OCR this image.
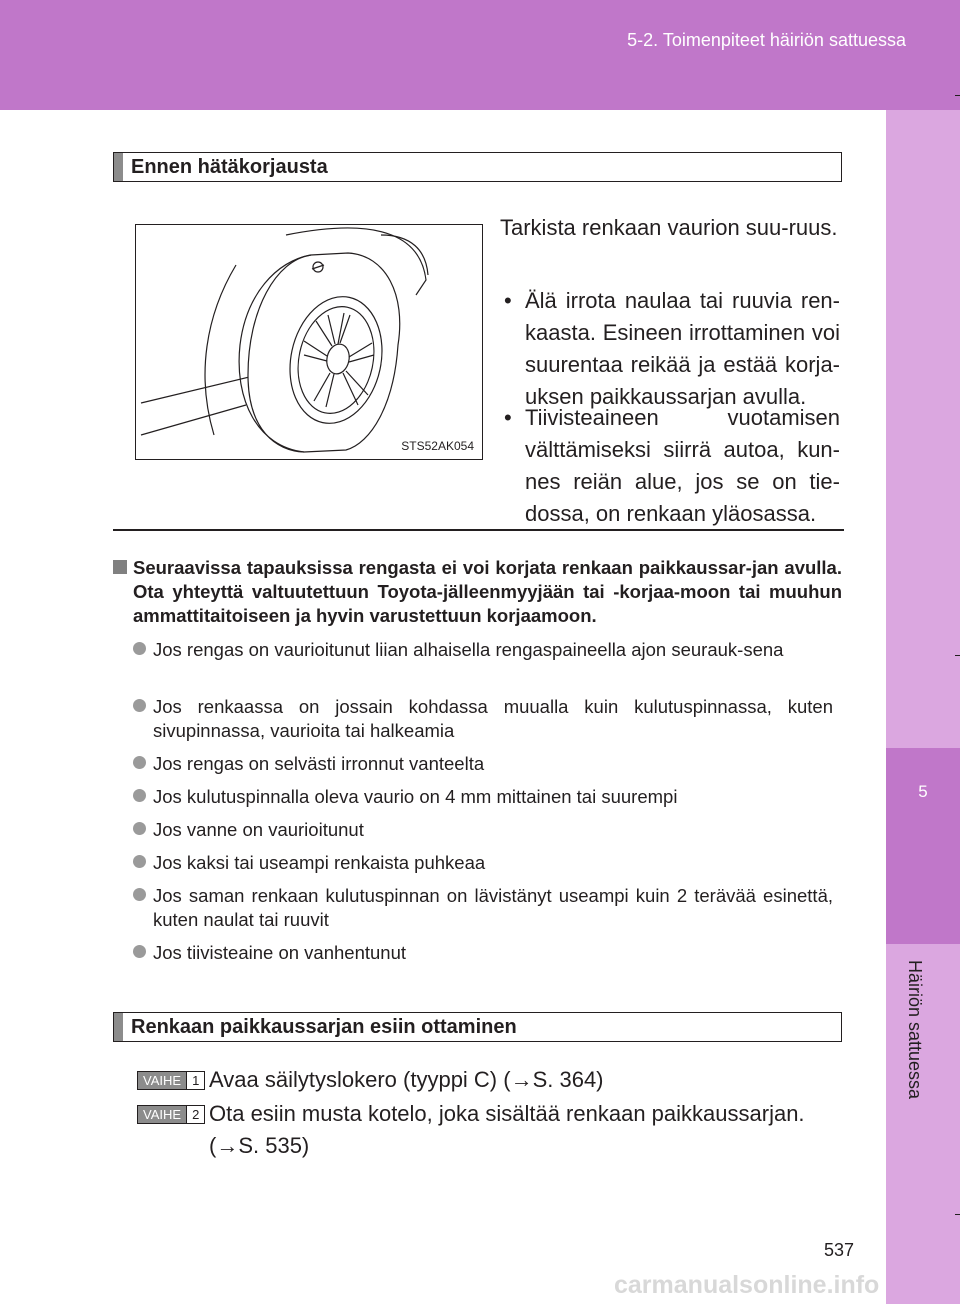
5-2. Toimenpiteet häiriön sattuessa
5
Häiriön sattuessa
Ennen hätäkorjausta
STS52AK054
Tarkista renkaan vaurion suu-ruus.
• Älä irrota naulaa tai ruuvia ren-kaasta. Esineen irrottaminen voi suurentaa reikää ja estää korja-uksen paikkaussarjan avulla.
• Tiivisteaineen vuotamisen välttämiseksi siirrä autoa, kun-nes reiän alue, jos se on tie-dossa, on renkaan yläosassa.
Seuraavissa tapauksissa rengasta ei voi korjata renkaan paikkaussar-jan avulla. Ota yhteyttä valtuutettuun Toyota-jälleenmyyjään tai -korjaa-moon tai muuhun ammattitaitoiseen ja hyvin varustettuun korjaamoon.
Jos rengas on vaurioitunut liian alhaisella rengaspaineella ajon seurauk-sena
Jos renkaassa on jossain kohdassa muualla kuin kulutuspinnassa, kuten sivupinnassa, vaurioita tai halkeamia
Jos rengas on selvästi irronnut vanteelta
Jos kulutuspinnalla oleva vaurio on 4 mm mittainen tai suurempi
Jos vanne on vaurioitunut
Jos kaksi tai useampi renkaista puhkeaa
Jos saman renkaan kulutuspinnan on lävistänyt useampi kuin 2 terävää esinettä, kuten naulat tai ruuvit
Jos tiivisteaine on vanhentunut
Renkaan paikkaussarjan esiin ottaminen
VAIHE 1 Avaa säilytyslokero (tyyppi C) (→S. 364)
VAIHE 2 Ota esiin musta kotelo, joka sisältää renkaan paikkaussarjan. (→S. 535)
537
carmanualsonline.info
